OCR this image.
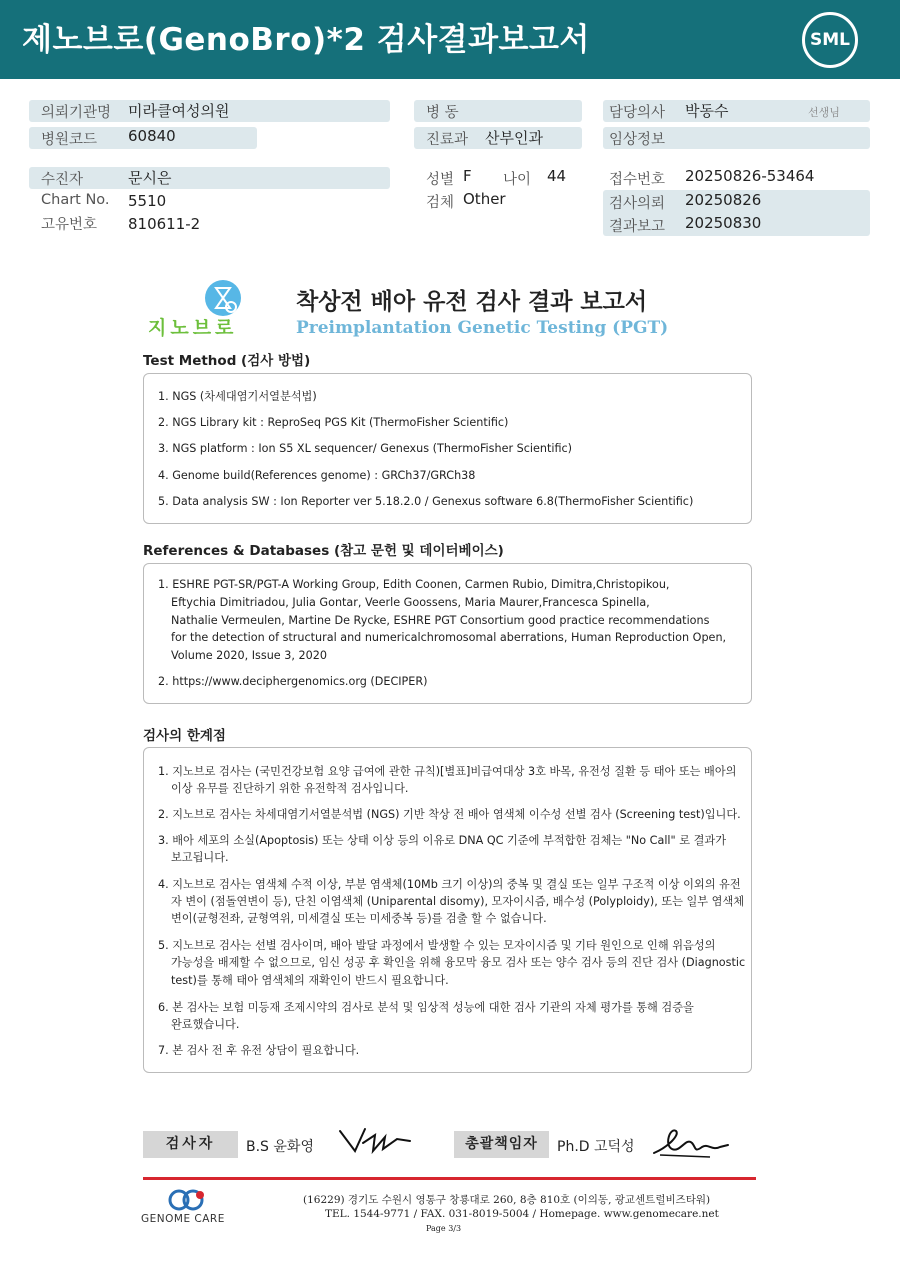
제노브로(GenoBro)*2 검사결과보고서	SML
의뢰기관명 미라클여성의원
병원코드 60840
수진자	문시은
Chart No. 5510
고유번호 810611-2
병 동
진료과 산부인과
성별 F 나이 44
검체 Other
담당의사 박동수	선생님
임상정보
접수번호 20250826-53464
검사의뢰 20250826
결과보고 20250830
지노브로
착상전 배아 유전 검사 결과 보고서
Preimplantation Genetic Testing (PGT)
Test Method (검사 방법)
1. NGS (차세대염기서열분석법)
2. NGS Library kit : ReproSeq PGS Kit (ThermoFisher Scientific)
3. NGS platform : Ion S5 XL sequencer/ Genexus (ThermoFisher Scientific)
4. Genome build(References genome) : GRCh37/GRCh38
5. Data analysis SW : Ion Reporter ver 5.18.2.0 / Genexus software 6.8(ThermoFisher Scientific)
References & Databases (참고 문헌 및 데이터베이스)
1. ESHRE PGT-SR/PGT-A Working Group, Edith Coonen, Carmen Rubio, Dimitra,Christopikou,
Eftychia Dimitriadou, Julia Gontar, Veerle Goossens, Maria Maurer,Francesca Spinella,
Nathalie Vermeulen, Martine De Rycke, ESHRE PGT Consortium good practice recommendations
for the detection of structural and numericalchromosomal aberrations, Human Reproduction Open,
Volume 2020, Issue 3, 2020
2. https://www.deciphergenomics.org (DECIPER)
검사의 한계점
1. 지노브로 검사는 (국민건강보험 요양 급여에 관한 규칙)[별표]비급여대상 3호 바목, 유전성 질환 등 태아 또는 배아의
이상 유무를 진단하기 위한 유전학적 검사입니다.
2. 지노브로 검사는 차세대염기서열분석법 (NGS) 기반 착상 전 배아 염색체 이수성 선별 검사 (Screening test)입니다.
3. 배아 세포의 소실(Apoptosis) 또는 상태 이상 등의 이유로 DNA QC 기준에 부적합한 검체는 "No Call" 로 결과가
보고됩니다.
4. 지노브로 검사는 염색체 수적 이상, 부분 염색체(10Mb 크기 이상)의 중복 및 결실 또는 일부 구조적 이상 이외의 유전
자 변이 (점돌연변이 등), 단친 이염색체 (Uniparental disomy), 모자이시즘, 배수성 (Polyploidy), 또는 일부 염색체
변이(균형전좌, 균형역위, 미세결실 또는 미세중복 등)를 검출 할 수 없습니다.
5. 지노브로 검사는 선별 검사이며, 배아 발달 과정에서 발생할 수 있는 모자이시즘 및 기타 원인으로 인해 위음성의
가능성을 배제할 수 없으므로, 임신 성공 후 확인을 위해 융모막 융모 검사 또는 양수 검사 등의 진단 검사 (Diagnostic
test)를 통해 태아 염색체의 재확인이 반드시 필요합니다.
6. 본 검사는 보험 미등재 조제시약의 검사로 분석 및 임상적 성능에 대한 검사 기관의 자체 평가를 통해 검증을
완료했습니다.
7. 본 검사 전 후 유전 상담이 필요합니다.
검사자	B.S 윤화영	총괄책임자	Ph.D 고덕성
GENOME CARE
(16229) 경기도 수원시 영통구 창룡대로 260, 8층 810호 (이의동, 광교센트럴비즈타워)
TEL. 1544-9771 / FAX. 031-8019-5004 / Homepage. www.genomecare.net
Page 3/3
